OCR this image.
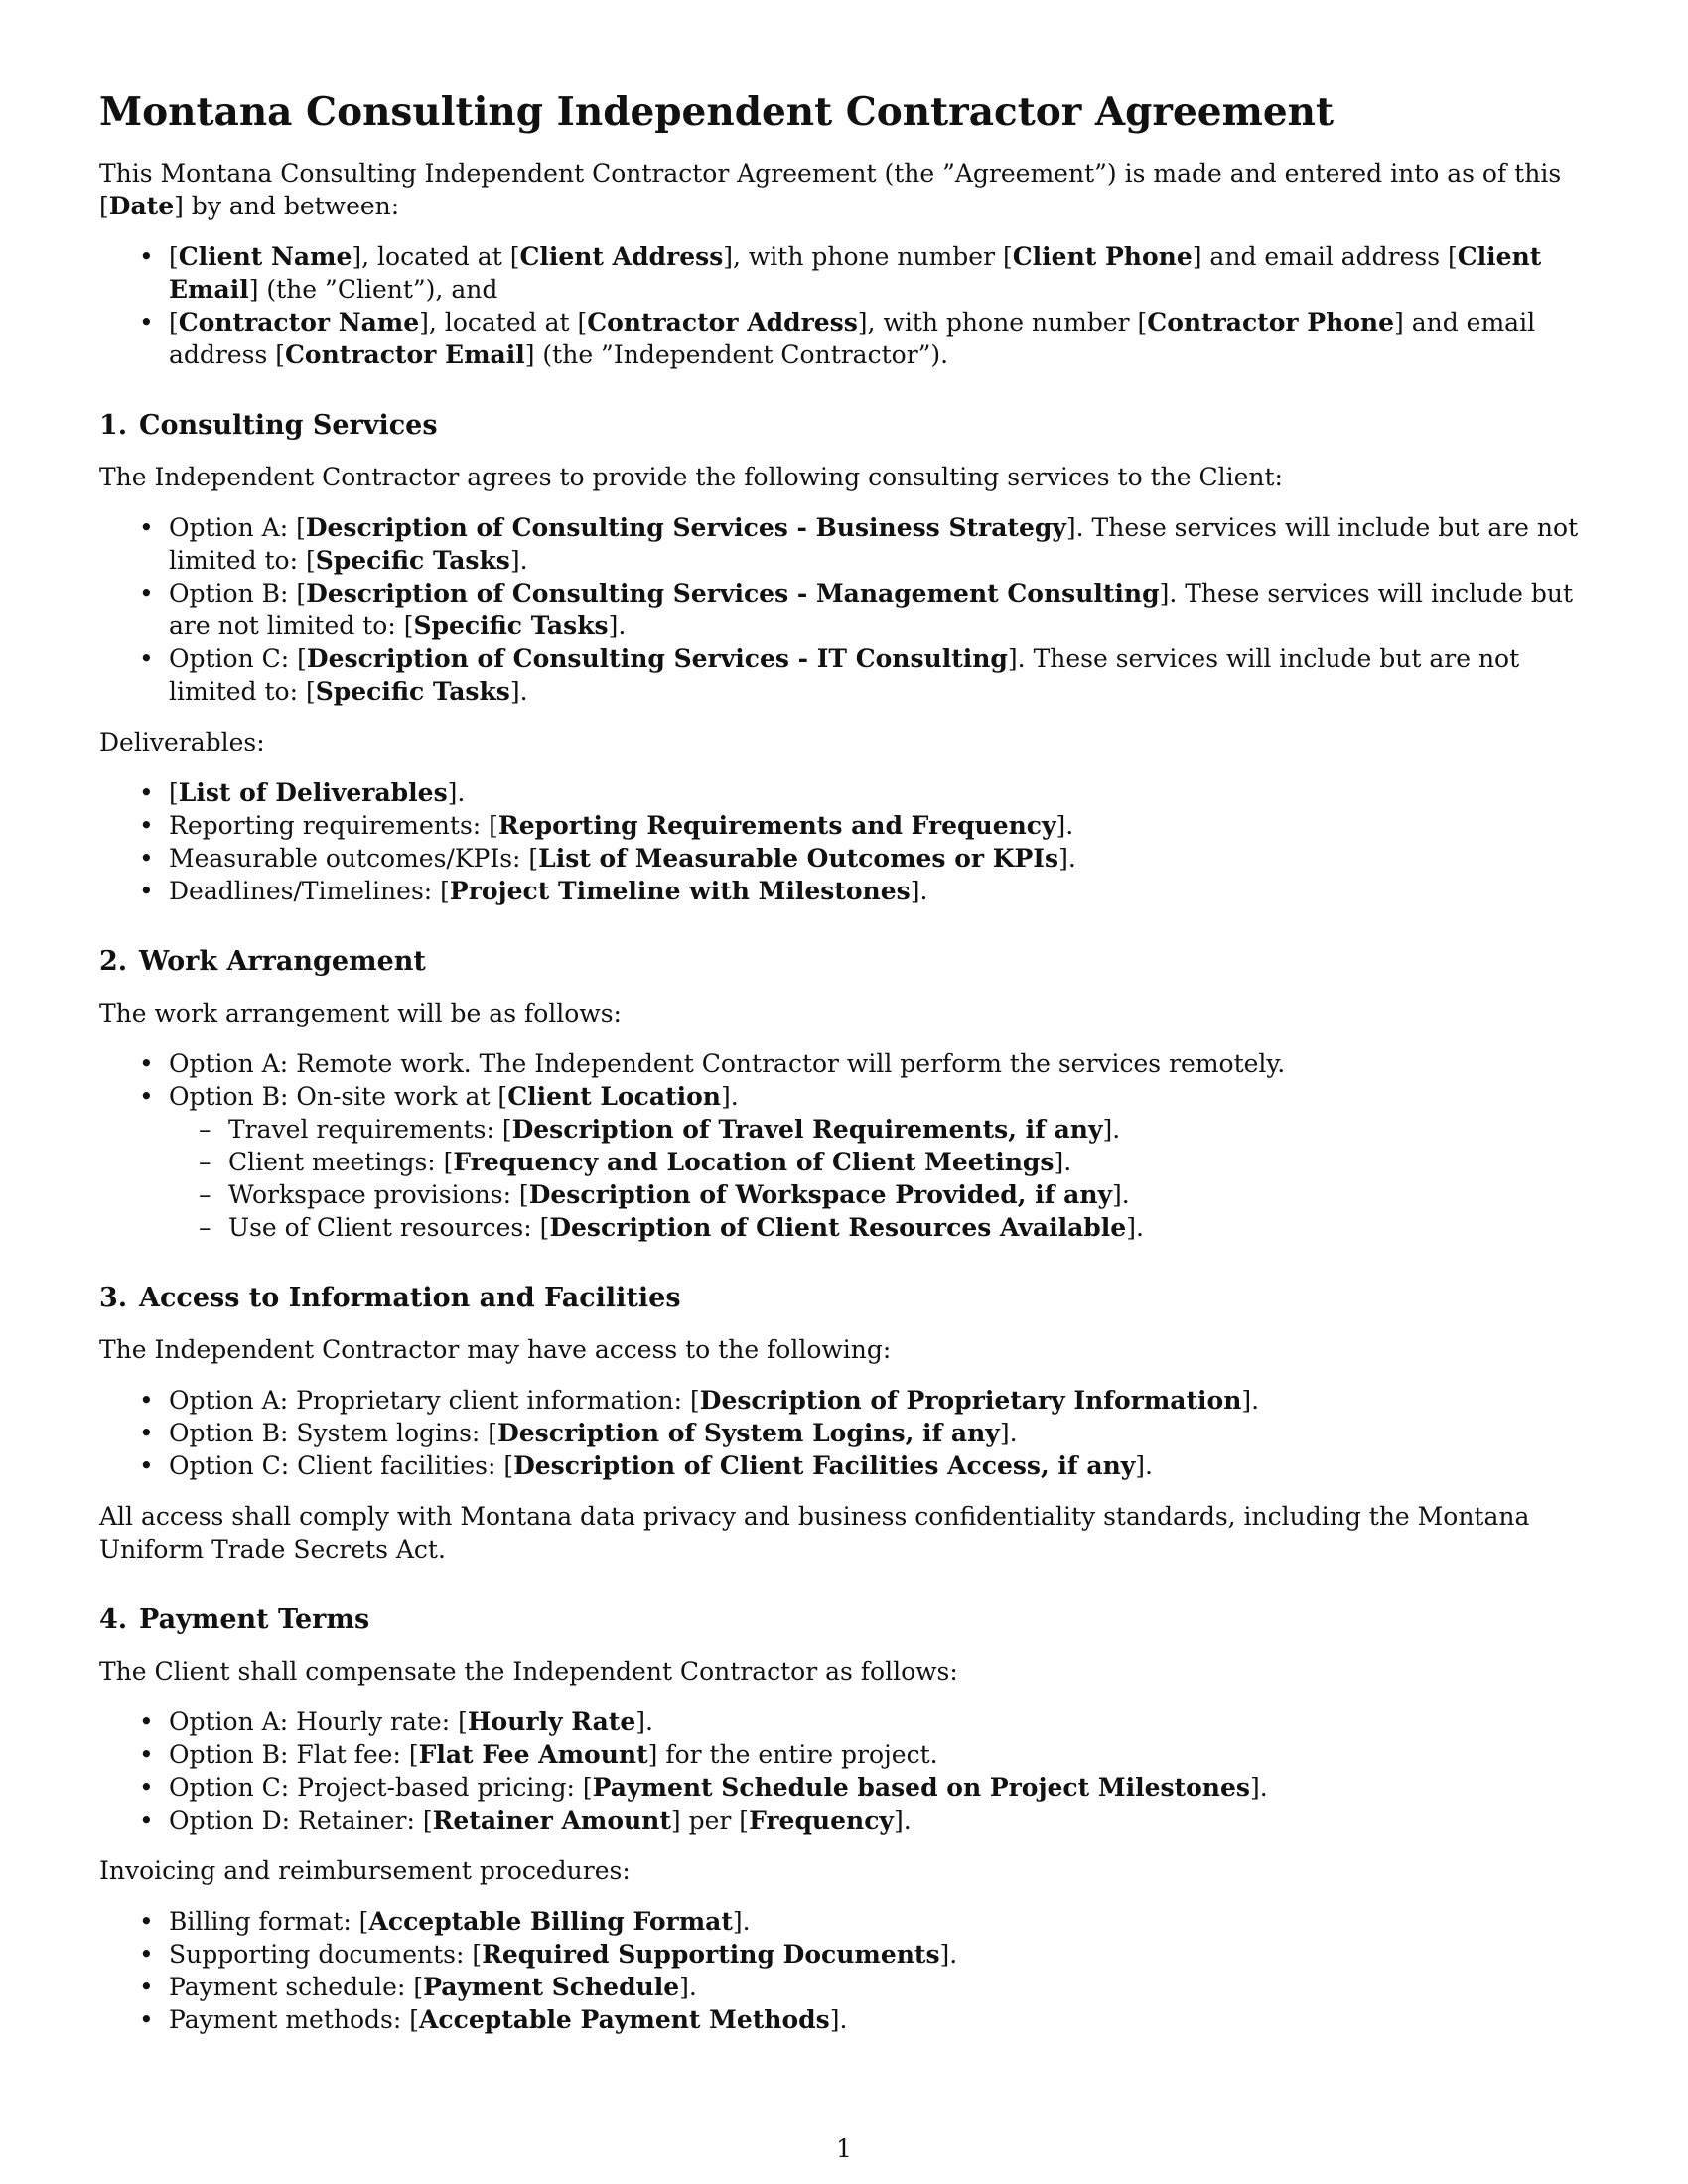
Montana Consulting Independent Contractor Agreement

This Montana Consulting Independent Contractor Agreement (the ”Agreement”) is made and entered into as of this [Date] by and between:

• [Client Name], located at [Client Address], with phone number [Client Phone] and email address [Client Email] (the ”Client”), and
• [Contractor Name], located at [Contractor Address], with phone number [Contractor Phone] and email address [Contractor Email] (the ”Independent Contractor”).
1. Consulting Services

The Independent Contractor agrees to provide the following consulting services to the Client:

• Option A: [Description of Consulting Services - Business Strategy]. These services will include but are not limited to: [Specific Tasks].
• Option B: [Description of Consulting Services - Management Consulting]. These services will include but are not limited to: [Specific Tasks].
• Option C: [Description of Consulting Services - IT Consulting]. These services will include but are not limited to: [Specific Tasks].

Deliverables:

• [List of Deliverables].
• Reporting requirements: [Reporting Requirements and Frequency].
• Measurable outcomes/KPIs: [List of Measurable Outcomes or KPIs].
• Deadlines/Timelines: [Project Timeline with Milestones].
2. Work Arrangement

The work arrangement will be as follows:

• Option A: Remote work. The Independent Contractor will perform the services remotely.
• Option B: On-site work at [Client Location].
– Travel requirements: [Description of Travel Requirements, if any].
– Client meetings: [Frequency and Location of Client Meetings].
– Workspace provisions: [Description of Workspace Provided, if any].
– Use of Client resources: [Description of Client Resources Available].
3. Access to Information and Facilities

The Independent Contractor may have access to the following:

• Option A: Proprietary client information: [Description of Proprietary Information].
• Option B: System logins: [Description of System Logins, if any].
• Option C: Client facilities: [Description of Client Facilities Access, if any].

All access shall comply with Montana data privacy and business confidentiality standards, including the Montana Uniform Trade Secrets Act.

4. Payment Terms

The Client shall compensate the Independent Contractor as follows:

• Option A: Hourly rate: [Hourly Rate].
• Option B: Flat fee: [Flat Fee Amount] for the entire project.
• Option C: Project-based pricing: [Payment Schedule based on Project Milestones].
• Option D: Retainer: [Retainer Amount] per [Frequency].

Invoicing and reimbursement procedures:

• Billing format: [Acceptable Billing Format].
• Supporting documents: [Required Supporting Documents].
• Payment schedule: [Payment Schedule].
• Payment methods: [Acceptable Payment Methods].
1
